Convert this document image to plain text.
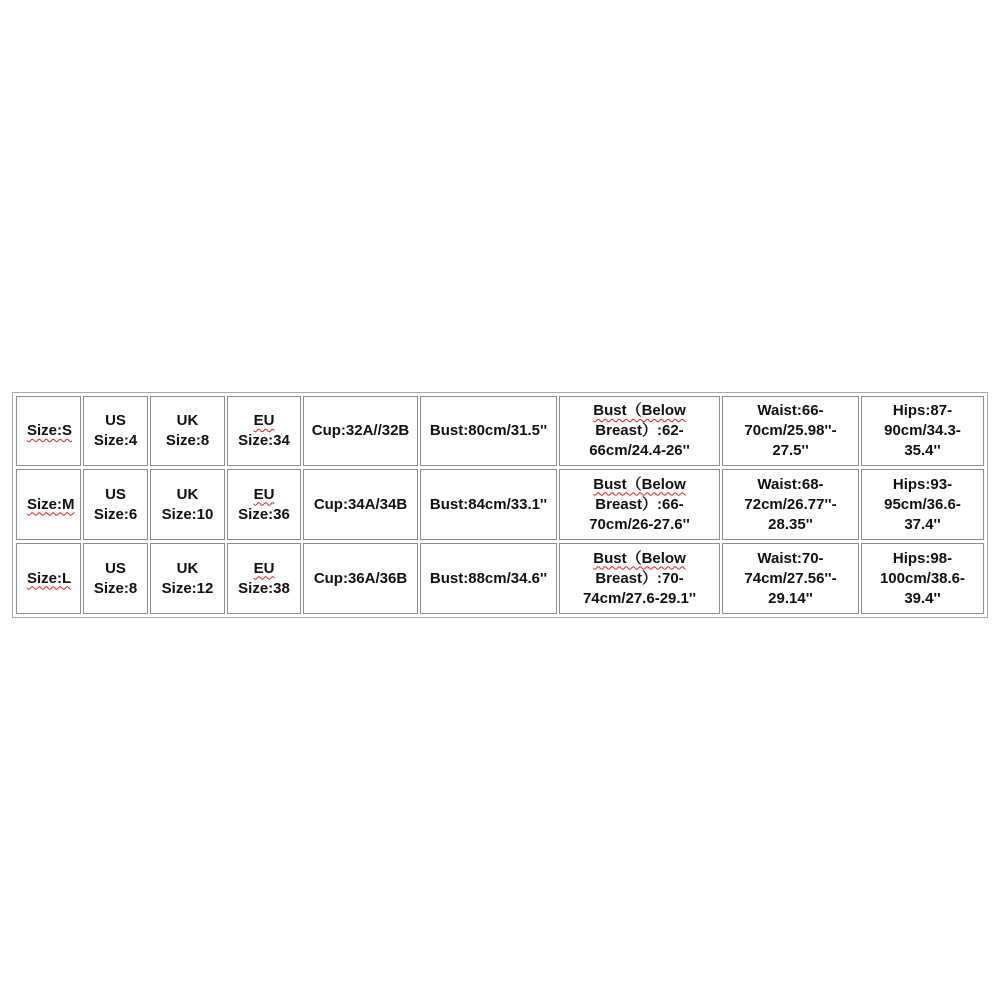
Size:S
US
Size:4
UK
Size:8
EU
Size:34
Cup:32A//32B Bust:80cm/31.5''
Bust（Below
Breast）:62-
66cm/24.4-26''
Waist:66-
70cm/25.98''-
27.5''
Hips:87-
90cm/34.3-
35.4''
Size:M
US
Size:6
UK
Size:10
EU
Size:36
Cup:34A/34B Bust:84cm/33.1''
Bust（Below
Breast）:66-
70cm/26-27.6''
Waist:68-
72cm/26.77''-
28.35''
Hips:93-
95cm/36.6-
37.4''
Size:L
US
Size:8
UK
Size:12
EU
Size:38
Cup:36A/36B Bust:88cm/34.6''
Bust（Below
Breast）:70-
74cm/27.6-29.1''
Waist:70-
74cm/27.56''-
29.14''
Hips:98-
100cm/38.6-
39.4''
